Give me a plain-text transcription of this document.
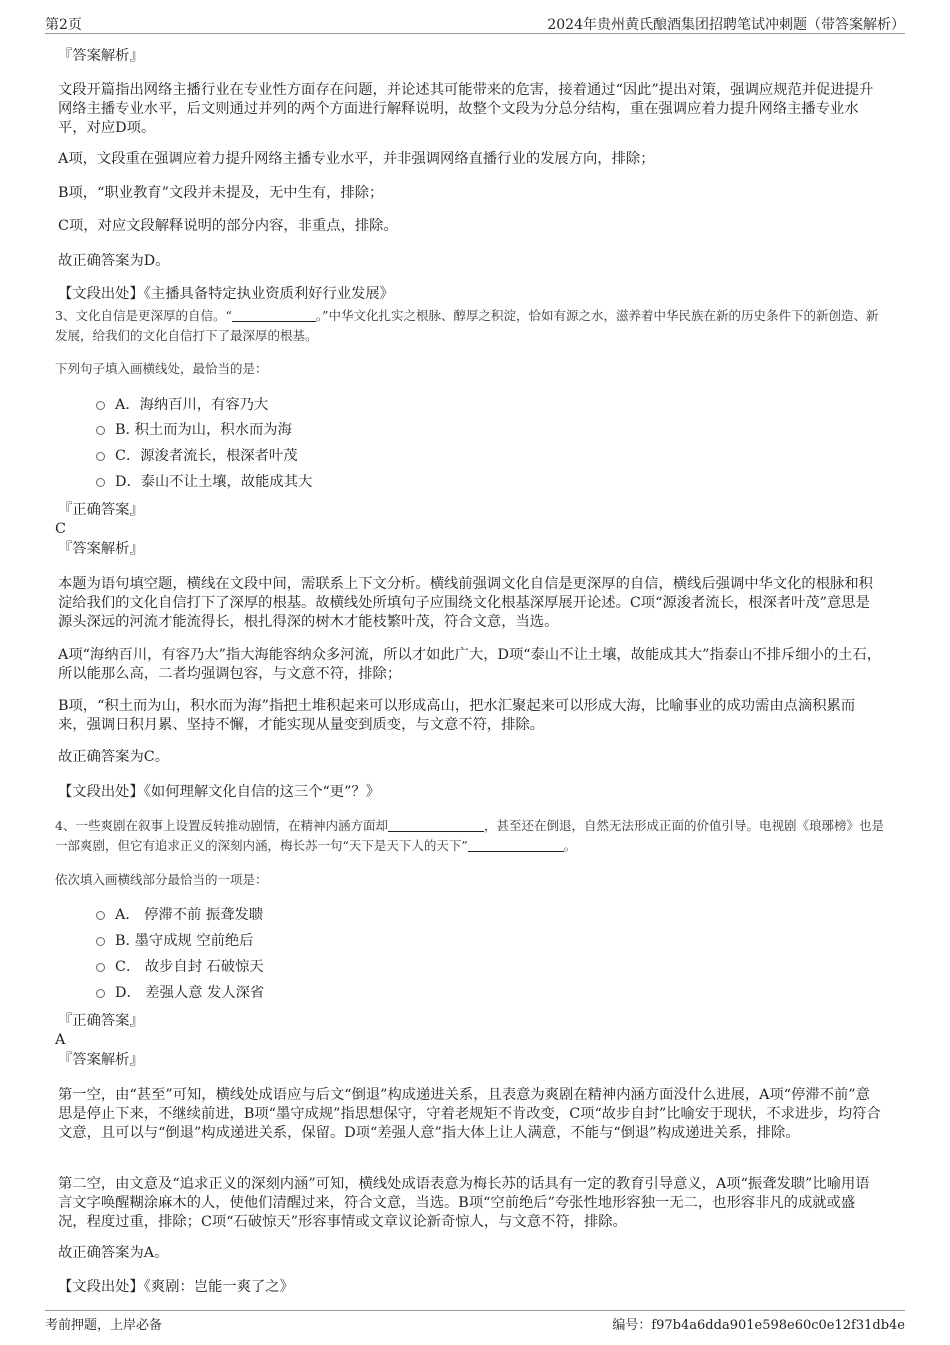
第2页	2024年贵州黄氏酿酒集团招聘笔试冲刺题（带答案解析）
『答案解析』

文段开篇指出网络主播行业在专业性方面存在问题，并论述其可能带来的危害，接着通过“因此”提出对策，强调应规范并促进提升网络主播专业水平，后文则通过并列的两个方面进行解释说明，故整个文段为分总分结构，重在强调应着力提升网络主播专业水平，对应D项。

A项，文段重在强调应着力提升网络主播专业水平，并非强调网络直播行业的发展方向，排除；

B项，“职业教育”文段并未提及，无中生有，排除；

C项，对应文段解释说明的部分内容，非重点，排除。

故正确答案为D。

【文段出处】《主播具备特定执业资质利好行业发展》

3、文化自信是更深厚的自信。“	。”中华文化扎实之根脉、醇厚之积淀，恰如有源之水，滋养着中华民族在新的历史条件下的新创造、新发展，给我们的文化自信打下了最深厚的根基。

下列句子填入画横线处，最恰当的是：

A．海纳百川，有容乃大
B. 积土而为山，积水而为海
C．源浚者流长，根深者叶茂
D．泰山不让土壤，故能成其大
『正确答案』
C
『答案解析』

本题为语句填空题，横线在文段中间，需联系上下文分析。横线前强调文化自信是更深厚的自信，横线后强调中华文化的根脉和积淀给我们的文化自信打下了深厚的根基。故横线处所填句子应围绕文化根基深厚展开论述。C项“源浚者流长，根深者叶茂”意思是源头深远的河流才能流得长，根扎得深的树木才能枝繁叶茂，符合文意，当选。

A项“海纳百川，有容乃大”指大海能容纳众多河流，所以才如此广大，D项“泰山不让土壤，故能成其大”指泰山不排斥细小的土石，所以能那么高，二者均强调包容，与文意不符，排除；

B项，“积土而为山，积水而为海”指把土堆积起来可以形成高山，把水汇聚起来可以形成大海，比喻事业的成功需由点滴积累而来，强调日积月累、坚持不懈，才能实现从量变到质变，与文意不符，排除。

故正确答案为C。

【文段出处】《如何理解文化自信的这三个“更”？》

4、一些爽剧在叙事上设置反转推动剧情，在精神内涵方面却	，甚至还在倒退，自然无法形成正面的价值引导。电视剧《琅琊榜》也是一部爽剧，但它有追求正义的深刻内涵，梅长苏一句“天下是天下人的天下”	。

依次填入画横线部分最恰当的一项是：

A． 停滞不前 振聋发聩
B. 墨守成规 空前绝后
C． 故步自封 石破惊天
D． 差强人意 发人深省
『正确答案』
A
『答案解析』

第一空，由“甚至”可知，横线处成语应与后文“倒退”构成递进关系，且表意为爽剧在精神内涵方面没什么进展，A项“停滞不前”意思是停止下来，不继续前进，B项“墨守成规”指思想保守，守着老规矩不肯改变，C项“故步自封”比喻安于现状，不求进步，均符合文意，且可以与“倒退”构成递进关系，保留。D项“差强人意”指大体上让人满意，不能与“倒退”构成递进关系，排除。

第二空，由文意及“追求正义的深刻内涵”可知，横线处成语表意为梅长苏的话具有一定的教育引导意义，A项“振聋发聩”比喻用语言文字唤醒糊涂麻木的人，使他们清醒过来，符合文意，当选。B项“空前绝后”夸张性地形容独一无二，也形容非凡的成就或盛况，程度过重，排除；C项“石破惊天”形容事情或文章议论新奇惊人，与文意不符，排除。

故正确答案为A。

【文段出处】《爽剧：岂能一爽了之》

考前押题，上岸必备	编号：f97b4a6dda901e598e60c0e12f31db4e
